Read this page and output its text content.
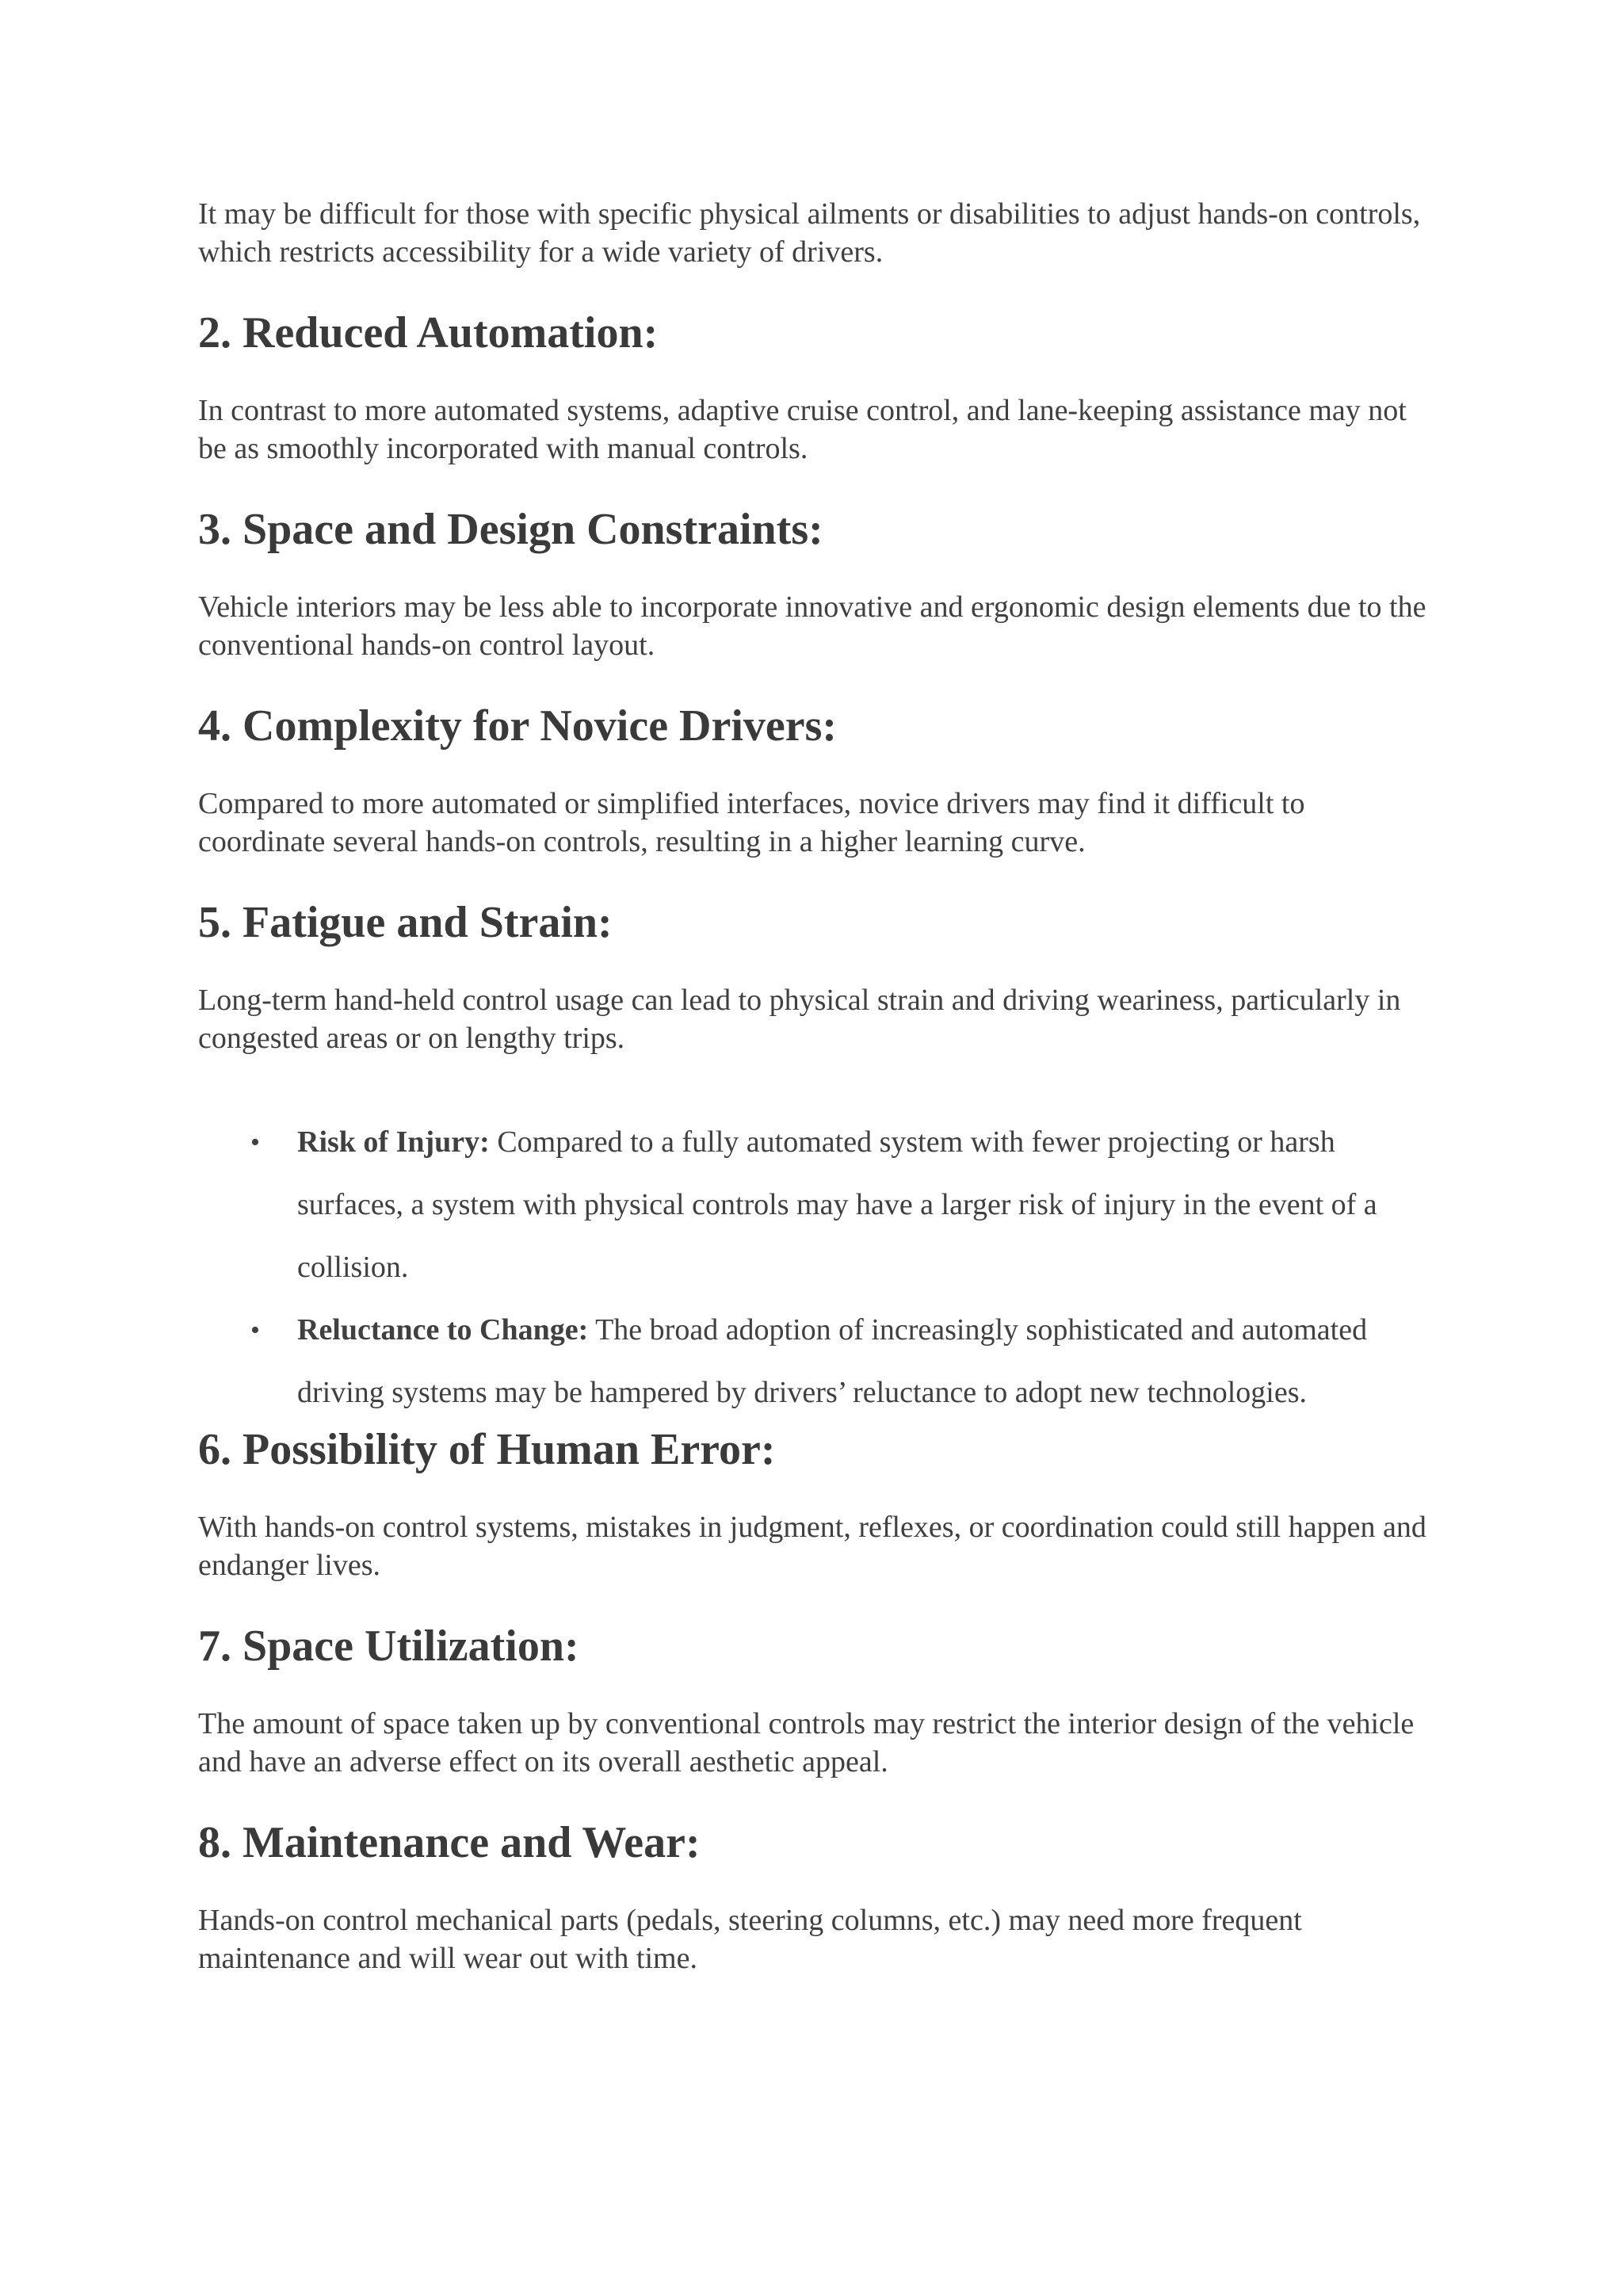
It may be difficult for those with specific physical ailments or disabilities to adjust hands-on controls, which restricts accessibility for a wide variety of drivers.

2. Reduced Automation:

In contrast to more automated systems, adaptive cruise control, and lane-keeping assistance may not be as smoothly incorporated with manual controls.

3. Space and Design Constraints:

Vehicle interiors may be less able to incorporate innovative and ergonomic design elements due to the conventional hands-on control layout.

4. Complexity for Novice Drivers:

Compared to more automated or simplified interfaces, novice drivers may find it difficult to coordinate several hands-on controls, resulting in a higher learning curve.

5. Fatigue and Strain:

Long-term hand-held control usage can lead to physical strain and driving weariness, particularly in congested areas or on lengthy trips.

• Risk of Injury: Compared to a fully automated system with fewer projecting or harsh surfaces, a system with physical controls may have a larger risk of injury in the event of a collision.
• Reluctance to Change: The broad adoption of increasingly sophisticated and automated driving systems may be hampered by drivers’ reluctance to adopt new technologies.
6. Possibility of Human Error:

With hands-on control systems, mistakes in judgment, reflexes, or coordination could still happen and endanger lives.

7. Space Utilization:

The amount of space taken up by conventional controls may restrict the interior design of the vehicle and have an adverse effect on its overall aesthetic appeal.

8. Maintenance and Wear:

Hands-on control mechanical parts (pedals, steering columns, etc.) may need more frequent maintenance and will wear out with time.
